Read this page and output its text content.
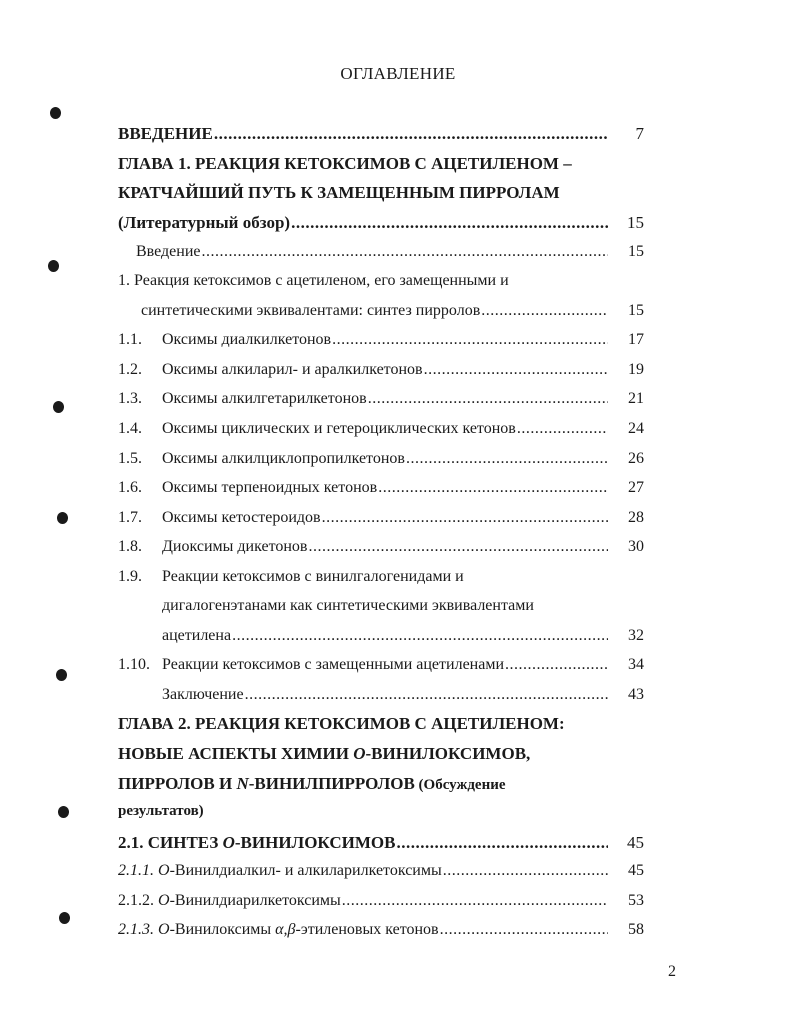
ОГЛАВЛЕНИЕ
ВВЕДЕНИЕ .....	7
ГЛАВА 1. РЕАКЦИЯ КЕТОКСИМОВ С АЦЕТИЛЕНОМ –
КРАТЧАЙШИЙ ПУТЬ К ЗАМЕЩЕННЫМ ПИРРОЛАМ
(Литературный обзор) .....	15
Введение .....	15
1. Реакция кетоксимов с ацетиленом, его замещенными и
синтетическими эквивалентами: синтез пирролов .....	15
1.1.	Оксимы диалкилкетонов .....	17
1.2.	Оксимы алкиларил- и аралкилкетонов .....	19
1.3.	Оксимы алкилгетарилкетонов .....	21
1.4.	Оксимы циклических и гетероциклических кетонов .....	24
1.5.	Оксимы алкилциклопропилкетонов .....	26
1.6.	Оксимы терпеноидных кетонов .....	27
1.7.	Оксимы кетостероидов .....	28
1.8.	Диоксимы дикетонов .....	30
1.9. Реакции кетоксимов с винилгалогенидами и
дигалогенэтанами как синтетическими эквивалентами
ацетилена .....	32
1.10. Реакции кетоксимов с замещенными ацетиленами .....	34
Заключение .....	43
ГЛАВА 2. РЕАКЦИЯ КЕТОКСИМОВ С АЦЕТИЛЕНОМ:
НОВЫЕ АСПЕКТЫ ХИМИИ О-ВИНИЛОКСИМОВ,
ПИРРОЛОВ И N-ВИНИЛПИРРОЛОВ (Обсуждение
результатов)
2.1. СИНТЕЗ О-ВИНИЛОКСИМОВ .....	45
2.1.1. О-Винилдиалкил- и алкиларилкетоксимы .....	45
2.1.2. О-Винилдиарилкетоксимы .....	53
2.1.3. О-Винилоксимы α,β-этиленовых кетонов .....	58
2
